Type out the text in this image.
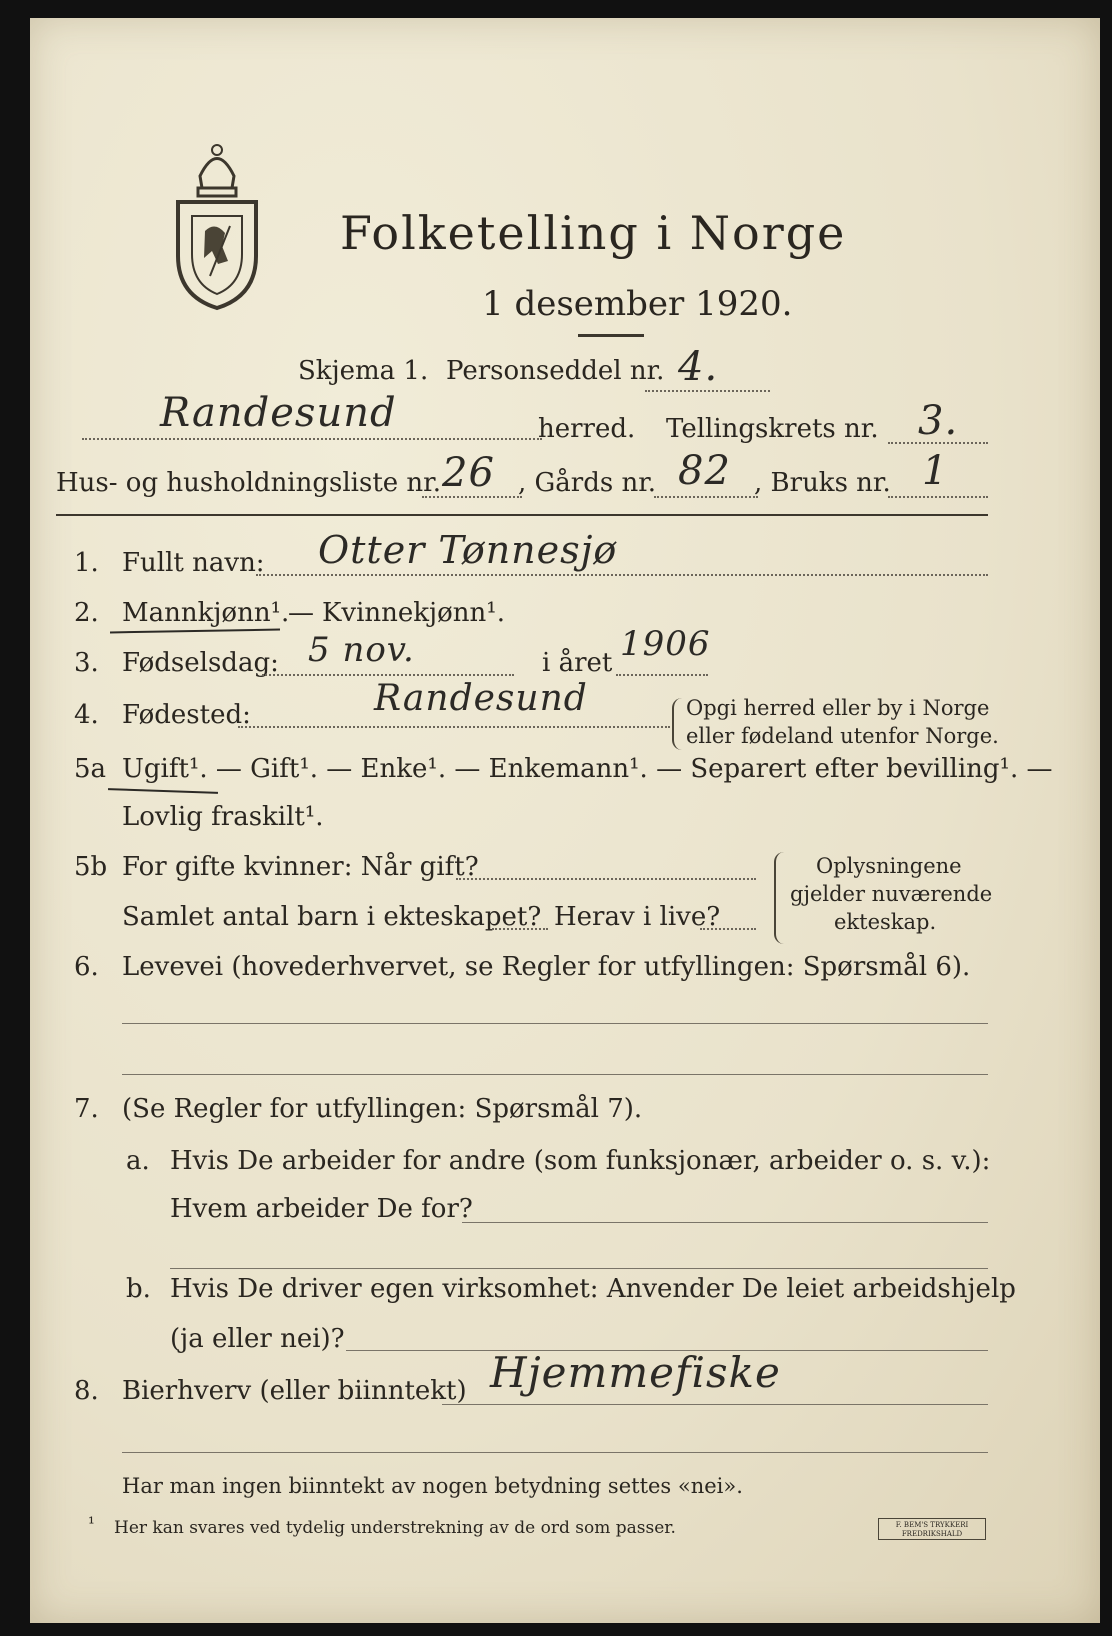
Folketelling i Norge
1 desember 1920.
Skjema 1. Personseddel nr. 4.
Randesund	herred. Tellingskrets nr. 3.
Hus- og husholdningsliste nr. 26 , Gårds nr. 82 , Bruks nr. 1
1. Fullt navn: Otter Tønnesjø
2. Mannkjønn¹.
— Kvinnekjønn¹.
3. Fødselsdag: 5 nov.	i året 1906
4. Fødested:	Randesund	Opgi herred eller by i Norge
eller fødeland utenfor Norge.
5a Ugift¹. — Gift¹. — Enke¹. — Enkemann¹. — Separert efter bevilling¹. —
Lovlig fraskilt¹.
5b For gifte kvinner: Når gift?
Samlet antal barn i ekteskapet? Herav i live?
Oplysningene
gjelder nuværende
ekteskap.
6. Levevei (hovederhvervet, se Regler for utfyllingen: Spørsmål 6).
7. (Se Regler for utfyllingen: Spørsmål 7).
a. Hvis De arbeider for andre (som funksjonær, arbeider o. s. v.):
Hvem arbeider De for?
b. Hvis De driver egen virksomhet: Anvender De leiet arbeidshjelp
(ja eller nei)?
8. Bierhverv (eller biinntekt) Hjemmefiske
Har man ingen biinntekt av nogen betydning settes «nei».
¹ Her kan svares ved tydelig understrekning av de ord som passer.	F. BEM'S TRYKKERI FREDRIKSHALD
